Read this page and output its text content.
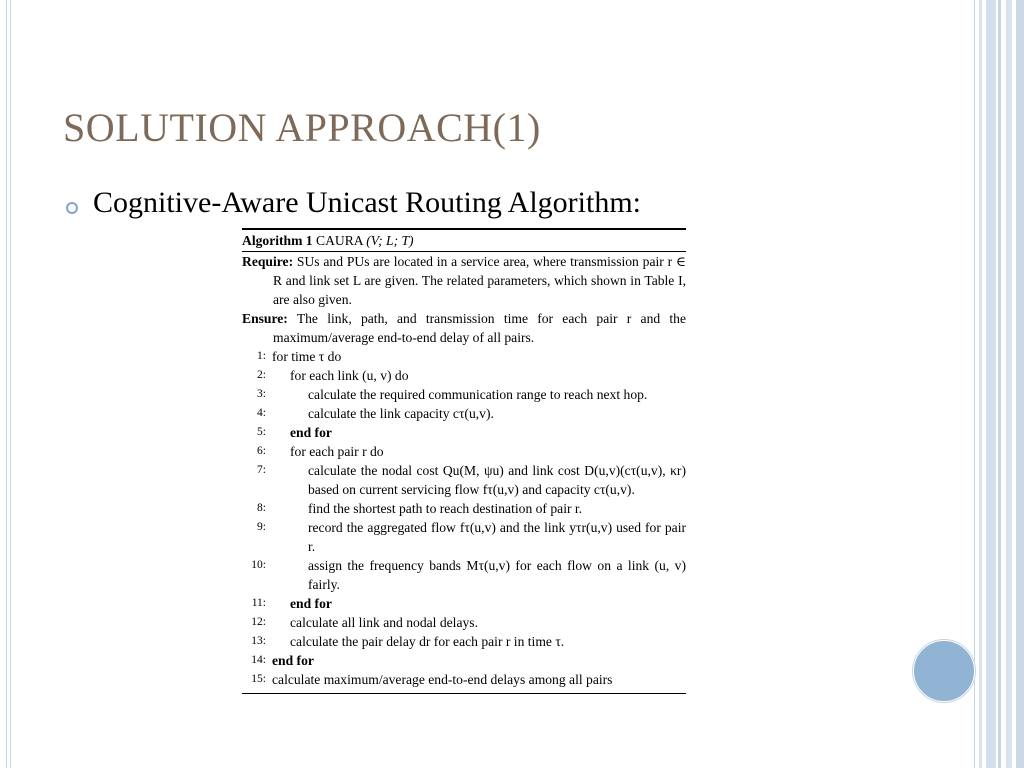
SOLUTION APPROACH(1)
Cognitive-Aware Unicast Routing Algorithm:
Algorithm 1 CAURA (V; L; T)
Require: SUs and PUs are located in a service area, where transmission pair r ∈ R and link set L are given. The related parameters, which shown in Table I, are also given.
Ensure: The link, path, and transmission time for each pair r and the maximum/average end-to-end delay of all pairs.
1: for time τ do
2:	for each link (u, v) do
3:	calculate the required communication range to reach next hop.
4:	calculate the link capacity cτ(u,v).
5:	end for
6:	for each pair r do
7:	calculate the nodal cost Qu(M, ψu) and link cost D(u,v)(cτ(u,v), κr) based on current servicing flow fτ(u,v) and capacity cτ(u,v).
8:	find the shortest path to reach destination of pair r.
9:	record the aggregated flow fτ(u,v) and the link yτr(u,v) used for pair r.
10:	assign the frequency bands Mτ(u,v) for each flow on a link (u, v) fairly.
11:	end for
12:	calculate all link and nodal delays.
13:	calculate the pair delay dr for each pair r in time τ.
14: end for
15: calculate maximum/average end-to-end delays among all pairs
